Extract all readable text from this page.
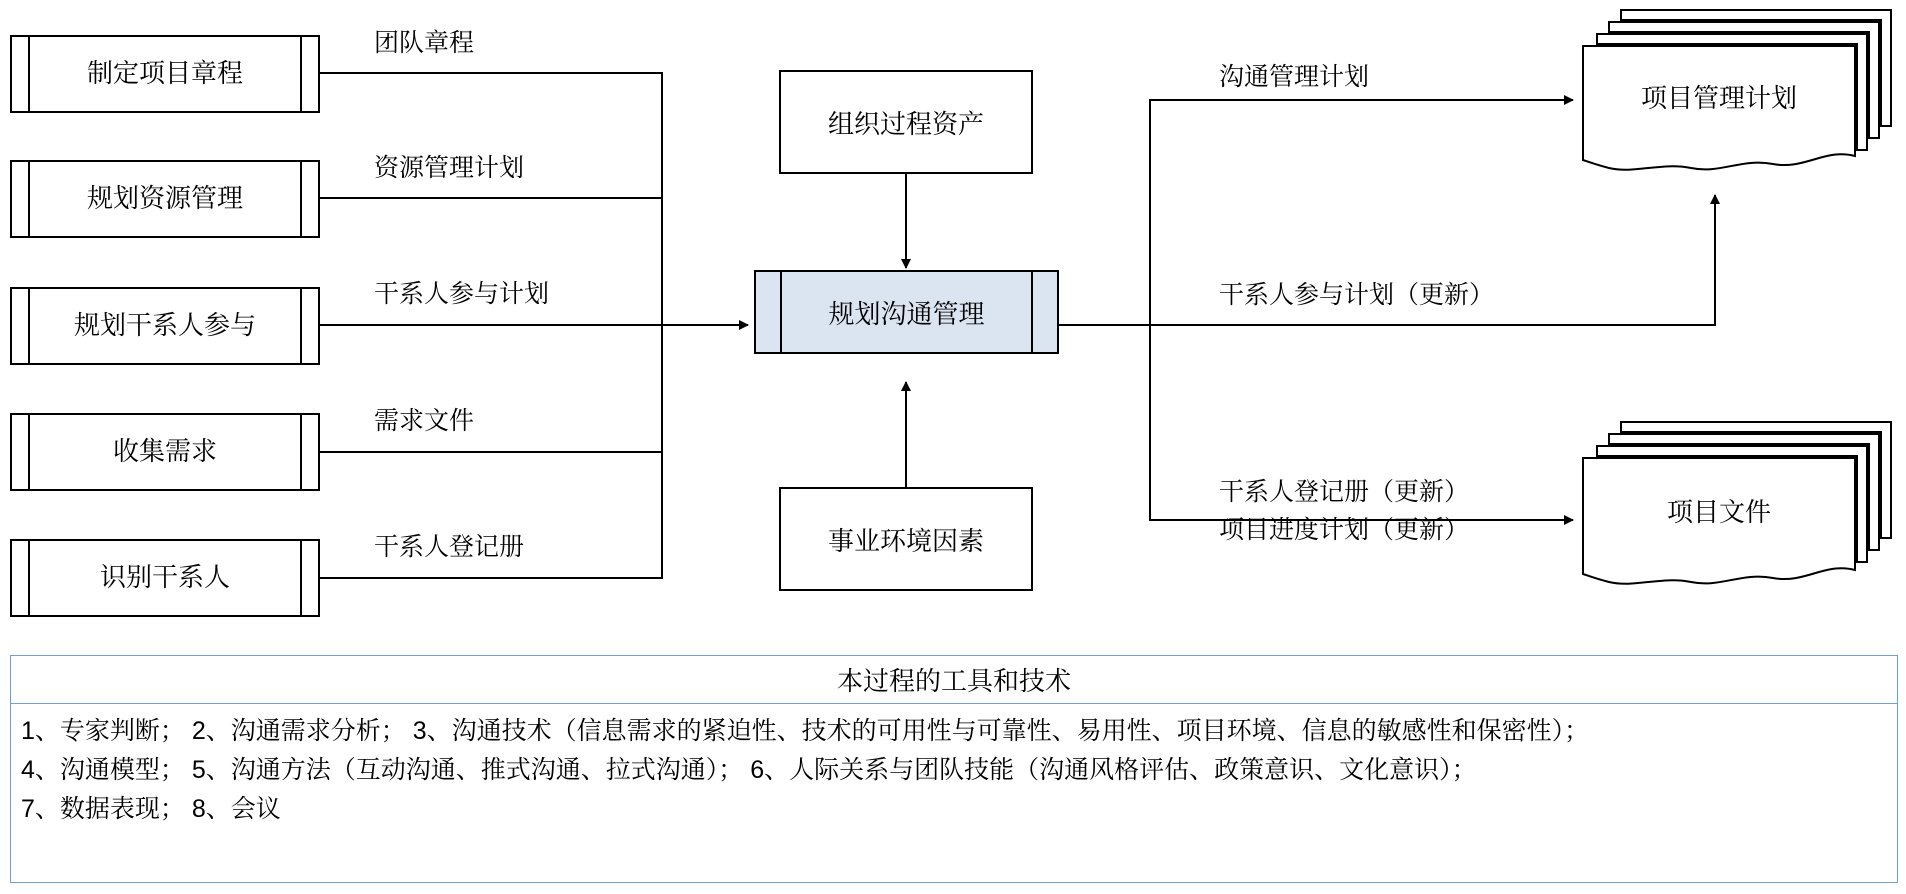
制定项目章程
规划资源管理
规划干系人参与
收集需求
识别干系人
团队章程
资源管理计划
干系人参与计划
需求文件
干系人登记册
组织过程资产
事业环境因素
规划沟通管理
沟通管理计划
干系人参与计划（更新）
干系人登记册（更新）
项目进度计划（更新）
项目管理计划
项目文件
本过程的工具和技术
1、专家判断； 2、沟通需求分析； 3、沟通技术（信息需求的紧迫性、技术的可用性与可靠性、易用性、项目环境、信息的敏感性和保密性）；
4、沟通模型； 5、沟通方法（互动沟通、推式沟通、拉式沟通）； 6、人际关系与团队技能（沟通风格评估、政策意识、文化意识）；
7、数据表现； 8、会议
